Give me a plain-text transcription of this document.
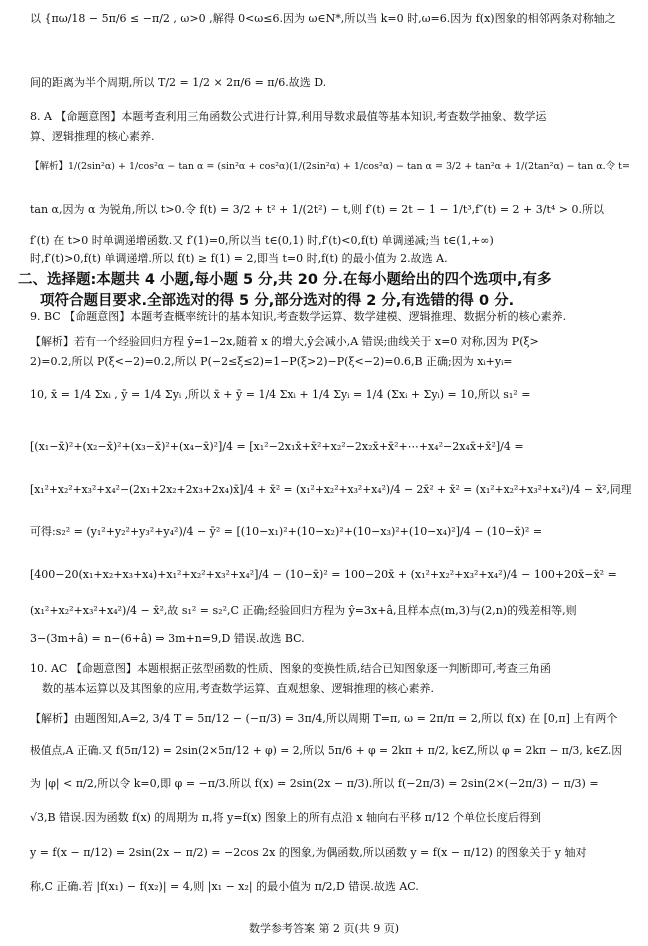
以 {πω/18 − 5π/6 ≤ −π/2 , ω>0 ,解得 0<ω≤6.因为 ω∈N*,所以当 k=0 时,ω=6.因为 f(x)图象的相邻两条对称轴之
间的距离为半个周期,所以 T/2 = 1/2 × 2π/6 = π/6.故选 D.
8. A 【命题意图】本题考查利用三角函数公式进行计算,利用导数求最值等基本知识,考查数学抽象、数学运
算、逻辑推理的核心素养.
【解析】1/(2sin²α) + 1/cos²α − tan α = (sin²α + cos²α)(1/(2sin²α) + 1/cos²α) − tan α = 3/2 + tan²α + 1/(2tan²α) − tan α.令 t=
tan α,因为 α 为锐角,所以 t>0.令 f(t) = 3/2 + t² + 1/(2t²) − t,则 f′(t) = 2t − 1 − 1/t³,f″(t) = 2 + 3/t⁴ > 0.所以
f′(t) 在 t>0 时单调递增函数.又 f′(1)=0,所以当 t∈(0,1) 时,f′(t)<0,f(t) 单调递减;当 t∈(1,+∞)
时,f′(t)>0,f(t) 单调递增.所以 f(t) ≥ f(1) = 2,即当 t=0 时,f(t) 的最小值为 2.故选 A.
9. BC 【命题意图】本题考查概率统计的基本知识,考查数学运算、数学建模、逻辑推理、数据分析的核心素养.
【解析】若有一个经验回归方程 ŷ=1−2x,随着 x 的增大,ŷ会减小,A 错误;曲线关于 x=0 对称,因为 P(ξ>
2)=0.2,所以 P(ξ<−2)=0.2,所以 P(−2≤ξ≤2)=1−P(ξ>2)−P(ξ<−2)=0.6,B 正确;因为 xᵢ+yᵢ=
10, x̄ = 1/4 Σxᵢ , ȳ = 1/4 Σyᵢ ,所以 x̄ + ȳ = 1/4 Σxᵢ + 1/4 Σyᵢ = 1/4 (Σxᵢ + Σyᵢ) = 10,所以 s₁² =
[(x₁−x̄)²+(x₂−x̄)²+(x₃−x̄)²+(x₄−x̄)²]/4 = [x₁²−2x₁x̄+x̄²+x₂²−2x₂x̄+x̄²+⋯+x₄²−2x₄x̄+x̄²]/4 =
[x₁²+x₂²+x₃²+x₄²−(2x₁+2x₂+2x₃+2x₄)x̄]/4 + x̄² = (x₁²+x₂²+x₃²+x₄²)/4 − 2x̄² + x̄² = (x₁²+x₂²+x₃²+x₄²)/4 − x̄²,同理
可得:s₂² = (y₁²+y₂²+y₃²+y₄²)/4 − ȳ² = [(10−x₁)²+(10−x₂)²+(10−x₃)²+(10−x₄)²]/4 − (10−x̄)² =
[400−20(x₁+x₂+x₃+x₄)+x₁²+x₂²+x₃²+x₄²]/4 − (10−x̄)² = 100−20x̄ + (x₁²+x₂²+x₃²+x₄²)/4 − 100+20x̄−x̄² =
(x₁²+x₂²+x₃²+x₄²)/4 − x̄²,故 s₁² = s₂²,C 正确;经验回归方程为 ŷ=3x+â,且样本点(m,3)与(2,n)的残差相等,则
3−(3m+â) = n−(6+â) ⇒ 3m+n=9,D 错误.故选 BC.
10. AC 【命题意图】本题根据正弦型函数的性质、图象的变换性质,结合已知图象逐一判断即可,考查三角函
数的基本运算以及其图象的应用,考查数学运算、直观想象、逻辑推理的核心素养.
【解析】由题图知,A=2, 3/4 T = 5π/12 − (−π/3) = 3π/4,所以周期 T=π, ω = 2π/π = 2,所以 f(x) 在 [0,π] 上有两个
极值点,A 正确.又 f(5π/12) = 2sin(2×5π/12 + φ) = 2,所以 5π/6 + φ = 2kπ + π/2, k∈Z,所以 φ = 2kπ − π/3, k∈Z.因
为 |φ| < π/2,所以令 k=0,即 φ = −π/3.所以 f(x) = 2sin(2x − π/3).所以 f(−2π/3) = 2sin(2×(−2π/3) − π/3) =
√3,B 错误.因为函数 f(x) 的周期为 π,将 y=f(x) 图象上的所有点沿 x 轴向右平移 π/12 个单位长度后得到
y = f(x − π/12) = 2sin(2x − π/2) = −2cos 2x 的图象,为偶函数,所以函数 y = f(x − π/12) 的图象关于 y 轴对
称,C 正确.若 |f(x₁) − f(x₂)| = 4,则 |x₁ − x₂| 的最小值为 π/2,D 错误.故选 AC.
二、选择题:本题共 4 小题,每小题 5 分,共 20 分.在每小题给出的四个选项中,有多
项符合题目要求.全部选对的得 5 分,部分选对的得 2 分,有选错的得 0 分.
数学参考答案 第 2 页(共 9 页)
